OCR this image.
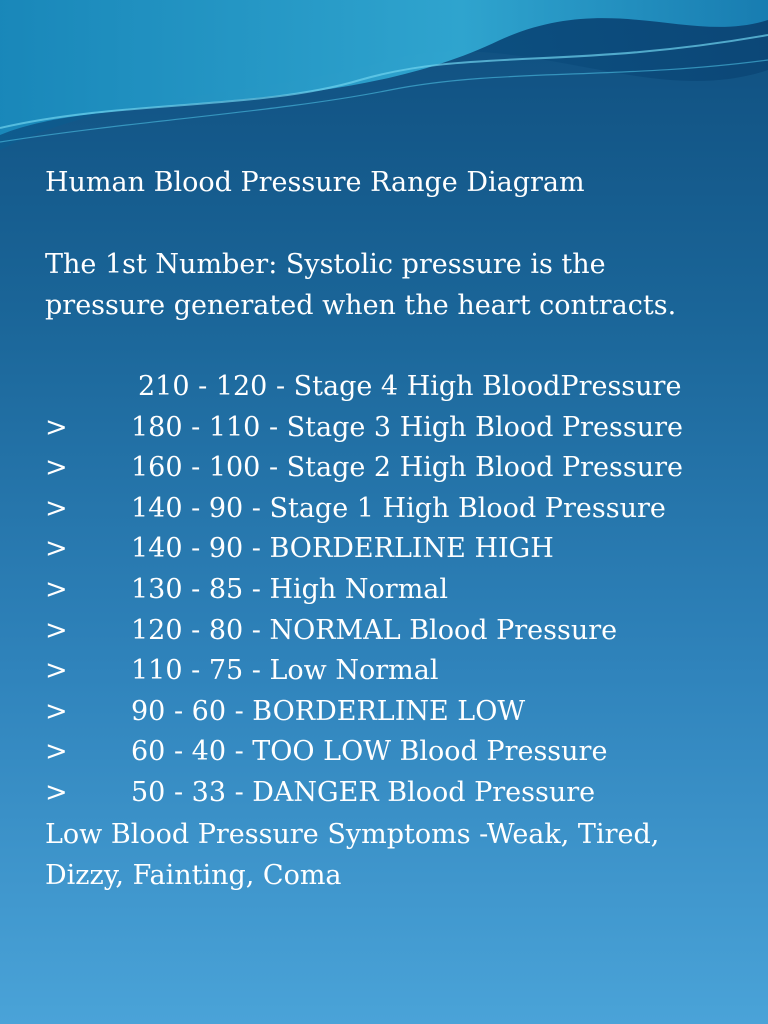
Human Blood Pressure Range Diagram
The 1st Number: Systolic pressure is the
pressure generated when the heart contracts.
210 - 120 - Stage 4 High BloodPressure
>	180 - 110 - Stage 3 High Blood Pressure
>	160 - 100 - Stage 2 High Blood Pressure
>	140 - 90 - Stage 1 High Blood Pressure
>	140 - 90 - BORDERLINE HIGH
>	130 - 85 - High Normal
>	120 - 80 - NORMAL Blood Pressure
>	110 - 75 - Low Normal
>	90 - 60 - BORDERLINE LOW
>	60 - 40 - TOO LOW Blood Pressure
>	50 - 33 - DANGER Blood Pressure
Low Blood Pressure Symptoms -Weak, Tired,
Dizzy, Fainting, Coma
